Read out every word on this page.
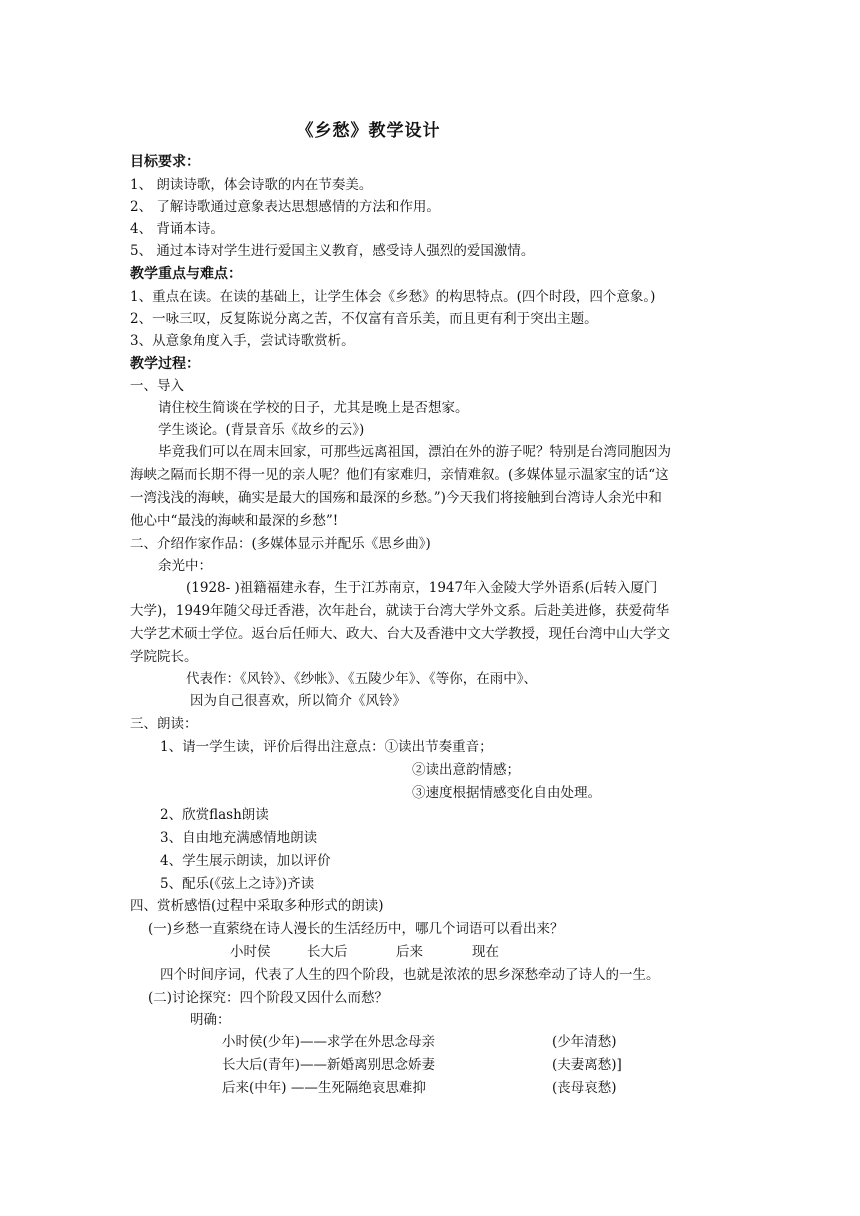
《乡愁》教学设计
目标要求：
1、 朗读诗歌，体会诗歌的内在节奏美。
2、 了解诗歌通过意象表达思想感情的方法和作用。
4、 背诵本诗。
5、 通过本诗对学生进行爱国主义教育，感受诗人强烈的爱国激情。
教学重点与难点：
1、重点在读。在读的基础上，让学生体会《乡愁》的构思特点。(四个时段，四个意象。)
2、一咏三叹，反复陈说分离之苦，不仅富有音乐美，而且更有利于突出主题。
3、从意象角度入手，尝试诗歌赏析。
教学过程：
一、导入
请住校生简谈在学校的日子，尤其是晚上是否想家。
学生谈论。(背景音乐《故乡的云》)
毕竟我们可以在周末回家，可那些远离祖国，漂泊在外的游子呢？特别是台湾同胞因为
海峡之隔而长期不得一见的亲人呢？他们有家难归，亲情难叙。(多媒体显示温家宝的话“这
一湾浅浅的海峡，确实是最大的国殇和最深的乡愁。”)今天我们将接触到台湾诗人余光中和
他心中“最浅的海峡和最深的乡愁”!
二、介绍作家作品：(多媒体显示并配乐《思乡曲》)
余光中：
(1928- )祖籍福建永春，生于江苏南京，1947年入金陵大学外语系(后转入厦门
大学)，1949年随父母迁香港，次年赴台，就读于台湾大学外文系。后赴美进修，获爱荷华
大学艺术硕士学位。返台后任师大、政大、台大及香港中文大学教授，现任台湾中山大学文
学院院长。
代表作：《风铃》、《纱帐》、《五陵少年》、《等你，在雨中》、
因为自己很喜欢，所以简介《风铃》
三、朗读：
1、请一学生读，评价后得出注意点：①读出节奏重音；
②读出意韵情感；
③速度根据情感变化自由处理。
2、欣赏flash朗读
3、自由地充满感情地朗读
4、学生展示朗读，加以评价
5、配乐(《弦上之诗》)齐读
四、赏析感悟(过程中采取多种形式的朗读)
(一)乡愁一直萦绕在诗人漫长的生活经历中，哪几个词语可以看出来？
小时侯	长大后	后来	现在
四个时间序词，代表了人生的四个阶段，也就是浓浓的思乡深愁牵动了诗人的一生。
(二)讨论探究：四个阶段又因什么而愁？
明确：
小时侯(少年)——求学在外思念母亲	(少年清愁)
长大后(青年)——新婚离别思念娇妻	(夫妻离愁)]
后来(中年) ——生死隔绝哀思难抑	(丧母哀愁)
